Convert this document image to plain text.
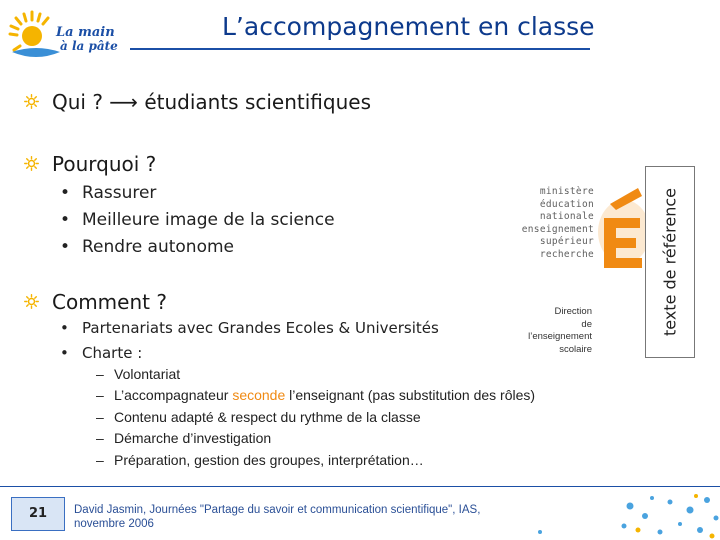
La main
à la pâte
L’accompagnement en classe
Qui ? ⟶ étudiants scientifiques
Pourquoi ?
• Rassurer
• Meilleure image de la science
• Rendre autonome
Comment ?
• Partenariats avec Grandes Ecoles & Universités
• Charte :
– Volontariat
– L’accompagnateur seconde l’enseignant (pas substitution des rôles)
– Contenu adapté & respect du rythme de la classe
– Démarche d’investigation
– Préparation, gestion des groupes, interprétation…
ministère
éducation
nationale
enseignement
supérieur
recherche
Direction
de
l’enseignement
scolaire
texte de référence
21	David Jasmin, Journées "Partage du savoir et communication scientifique", IAS,
novembre 2006
